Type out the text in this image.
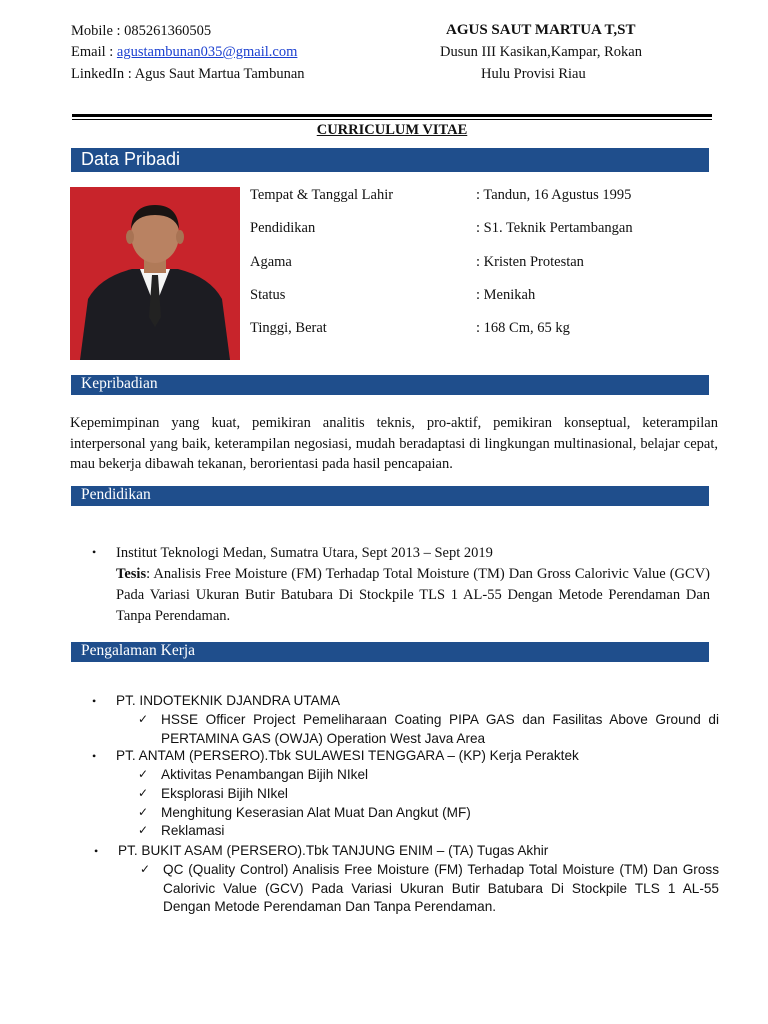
Mobile : 085261360505
Email : agustambunan035@gmail.com
LinkedIn : Agus Saut Martua Tambunan
AGUS SAUT MARTUA T,ST
Dusun III Kasikan,Kampar, Rokan
Hulu Provisi Riau
CURRICULUM VITAE
Data Pribadi
Tempat & Tanggal Lahir	: Tandun, 16 Agustus 1995
Pendidikan	: S1. Teknik Pertambangan
Agama	: Kristen Protestan
Status	: Menikah
Tinggi, Berat	: 168 Cm, 65 kg
Kepribadian
Kepemimpinan yang kuat, pemikiran analitis teknis, pro-aktif, pemikiran konseptual, keterampilan interpersonal yang baik, keterampilan negosiasi, mudah beradaptasi di lingkungan multinasional, belajar cepat, mau bekerja dibawah tekanan, berorientasi pada hasil pencapaian.
Pendidikan
• Institut Teknologi Medan, Sumatra Utara, Sept 2013 – Sept 2019
Tesis: Analisis Free Moisture (FM) Terhadap Total Moisture (TM) Dan Gross Calorivic Value (GCV) Pada Variasi Ukuran Butir Batubara Di Stockpile TLS 1 AL-55 Dengan Metode Perendaman Dan Tanpa Perendaman.
Pengalaman Kerja
• PT. INDOTEKNIK DJANDRA UTAMA
✓ HSSE Officer Project Pemeliharaan Coating PIPA GAS dan Fasilitas Above Ground di PERTAMINA GAS (OWJA) Operation West Java Area
• PT. ANTAM (PERSERO).Tbk SULAWESI TENGGARA – (KP) Kerja Peraktek
✓ Aktivitas Penambangan Bijih NIkel
✓ Eksplorasi Bijih NIkel
✓ Menghitung Keserasian Alat Muat Dan Angkut (MF)
✓ Reklamasi
• PT. BUKIT ASAM (PERSERO).Tbk TANJUNG ENIM – (TA) Tugas Akhir
✓ QC (Quality Control) Analisis Free Moisture (FM) Terhadap Total Moisture (TM) Dan Gross Calorivic Value (GCV) Pada Variasi Ukuran Butir Batubara Di Stockpile TLS 1 AL-55 Dengan Metode Perendaman Dan Tanpa Perendaman.
